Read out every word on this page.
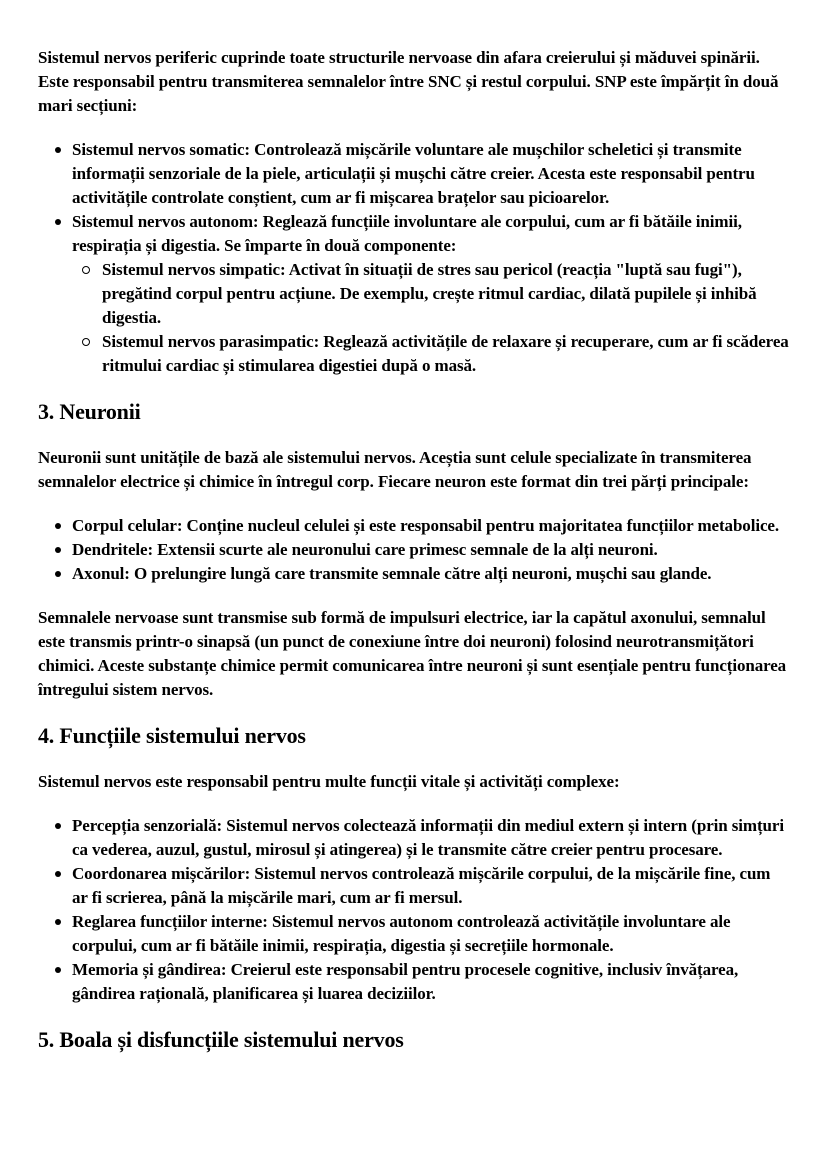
Sistemul nervos periferic cuprinde toate structurile nervoase din afara creierului și măduvei spinării. Este responsabil pentru transmiterea semnalelor între SNC și restul corpului. SNP este împărțit în două mari secțiuni:

Sistemul nervos somatic: Controlează mișcările voluntare ale mușchilor scheletici și transmite informații senzoriale de la piele, articulații și mușchi către creier. Acesta este responsabil pentru activitățile controlate conștient, cum ar fi mișcarea brațelor sau picioarelor.
Sistemul nervos autonom: Reglează funcțiile involuntare ale corpului, cum ar fi bătăile inimii, respirația și digestia. Se împarte în două componente:
Sistemul nervos simpatic: Activat în situații de stres sau pericol (reacția "luptă sau fugi"), pregătind corpul pentru acțiune. De exemplu, crește ritmul cardiac, dilată pupilele și inhibă digestia.
Sistemul nervos parasimpatic: Reglează activitățile de relaxare și recuperare, cum ar fi scăderea ritmului cardiac și stimularea digestiei după o masă.
3. Neuronii

Neuronii sunt unitățile de bază ale sistemului nervos. Aceștia sunt celule specializate în transmiterea semnalelor electrice și chimice în întregul corp. Fiecare neuron este format din trei părți principale:

Corpul celular: Conține nucleul celulei și este responsabil pentru majoritatea funcțiilor metabolice.
Dendritele: Extensii scurte ale neuronului care primesc semnale de la alți neuroni.
Axonul: O prelungire lungă care transmite semnale către alți neuroni, mușchi sau glande.

Semnalele nervoase sunt transmise sub formă de impulsuri electrice, iar la capătul axonului, semnalul este transmis printr-o sinapsă (un punct de conexiune între doi neuroni) folosind neurotransmițători chimici. Aceste substanțe chimice permit comunicarea între neuroni și sunt esențiale pentru funcționarea întregului sistem nervos.

4. Funcțiile sistemului nervos

Sistemul nervos este responsabil pentru multe funcții vitale și activități complexe:

Percepția senzorială: Sistemul nervos colectează informații din mediul extern și intern (prin simțuri ca vederea, auzul, gustul, mirosul și atingerea) și le transmite către creier pentru procesare.
Coordonarea mișcărilor: Sistemul nervos controlează mișcările corpului, de la mișcările fine, cum ar fi scrierea, până la mișcările mari, cum ar fi mersul.
Reglarea funcțiilor interne: Sistemul nervos autonom controlează activitățile involuntare ale corpului, cum ar fi bătăile inimii, respirația, digestia și secrețiile hormonale.
Memoria și gândirea: Creierul este responsabil pentru procesele cognitive, inclusiv învățarea, gândirea rațională, planificarea și luarea deciziilor.
5. Boala și disfuncțiile sistemului nervos
